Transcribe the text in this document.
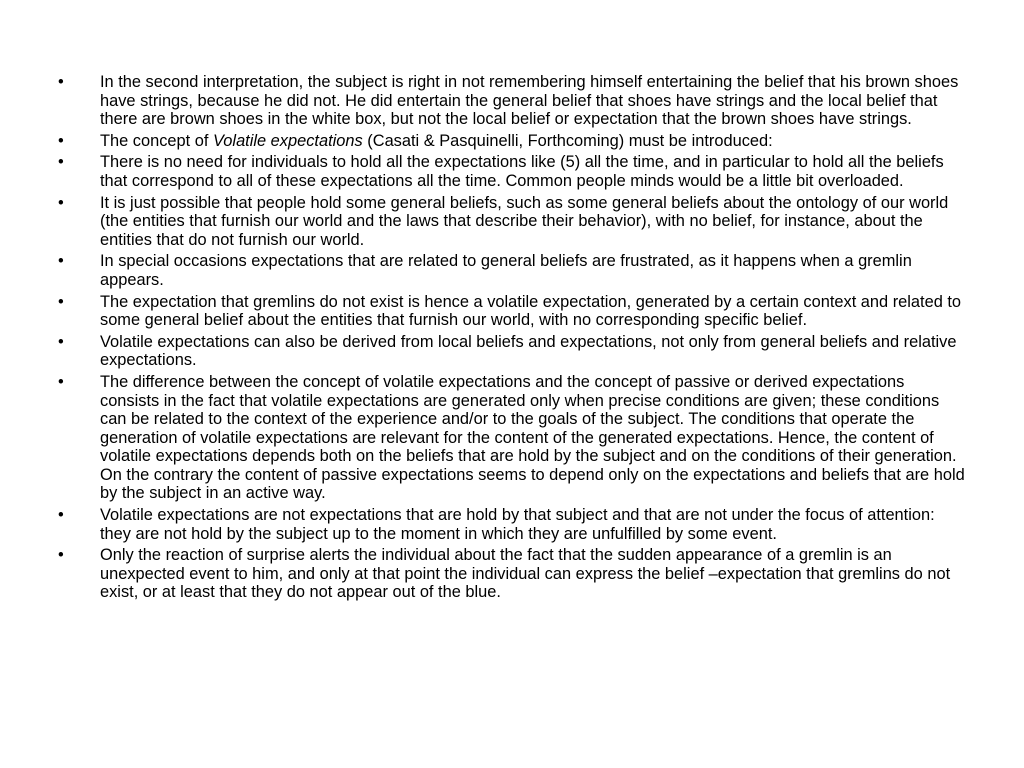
•	In the second interpretation, the subject is right in not remembering himself entertaining the belief that his brown shoes have strings, because he did not. He did entertain the general belief that shoes have strings and the local belief that there are brown shoes in the white box, but not the local belief or expectation that the brown shoes have strings.
•	The concept of Volatile expectations (Casati & Pasquinelli, Forthcoming) must be introduced:
•	There is no need for individuals to hold all the expectations like (5) all the time, and in particular to hold all the beliefs that correspond to all of these expectations all the time. Common people minds would be a little bit overloaded.
•	It is just possible that people hold some general beliefs, such as some general beliefs about the ontology of our world (the entities that furnish our world and the laws that describe their behavior), with no belief, for instance, about the entities that do not furnish our world.
•	In special occasions expectations that are related to general beliefs are frustrated, as it happens when a gremlin appears.
•	The expectation that gremlins do not exist is hence a volatile expectation, generated by a certain context and related to some general belief about the entities that furnish our world, with no corresponding specific belief.
•	Volatile expectations can also be derived from local beliefs and expectations, not only from general beliefs and relative expectations.
•	The difference between the concept of volatile expectations and the concept of passive or derived expectations consists in the fact that volatile expectations are generated only when precise conditions are given; these conditions can be related to the context of the experience and/or to the goals of the subject. The conditions that operate the generation of volatile expectations are relevant for the content of the generated expectations. Hence, the content of volatile expectations depends both on the beliefs that are hold by the subject and on the conditions of their generation. On the contrary the content of passive expectations seems to depend only on the expectations and beliefs that are hold by the subject in an active way.
•	Volatile expectations are not expectations that are hold by that subject and that are not under the focus of attention: they are not hold by the subject up to the moment in which they are unfulfilled by some event.
•	Only the reaction of surprise alerts the individual about the fact that the sudden appearance of a gremlin is an unexpected event to him, and only at that point the individual can express the belief –expectation that gremlins do not exist, or at least that they do not appear out of the blue.
